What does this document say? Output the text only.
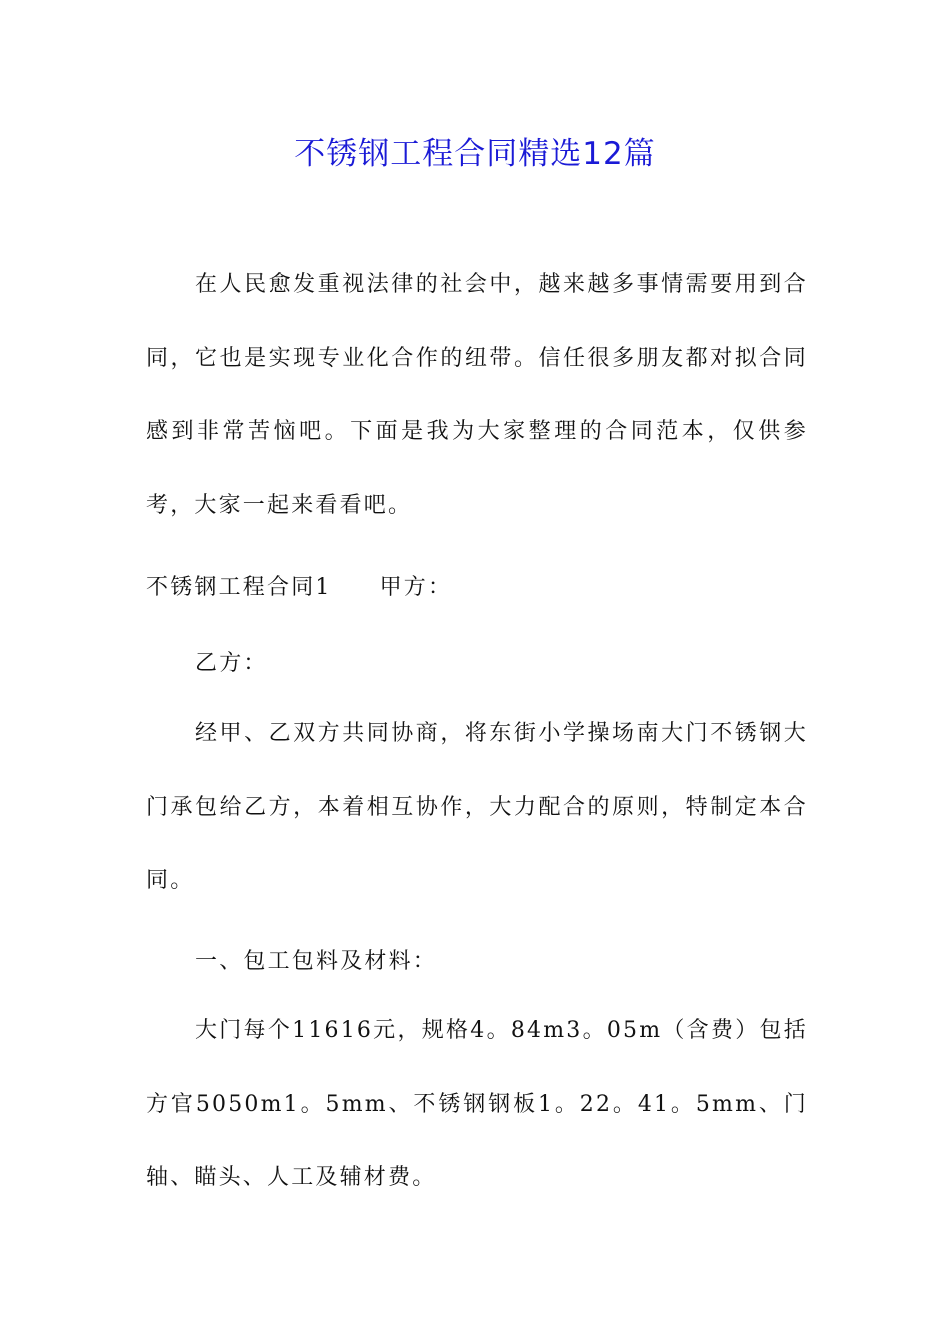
不锈钢工程合同精选12篇

在人民愈发重视法律的社会中，越来越多事情需要用到合同，它也是实现专业化合作的纽带。信任很多朋友都对拟合同感到非常苦恼吧。下面是我为大家整理的合同范本，仅供参考，大家一起来看看吧。

不锈钢工程合同1 甲方：

乙方：

经甲、乙双方共同协商，将东街小学操场南大门不锈钢大门承包给乙方，本着相互协作，大力配合的原则，特制定本合同。

一、包工包料及材料：

大门每个11616元，规格4。84m3。05m（含费）包括方官5050m1。5mm、不锈钢钢板1。22。41。5mm、门轴、瞄头、人工及辅材费。
